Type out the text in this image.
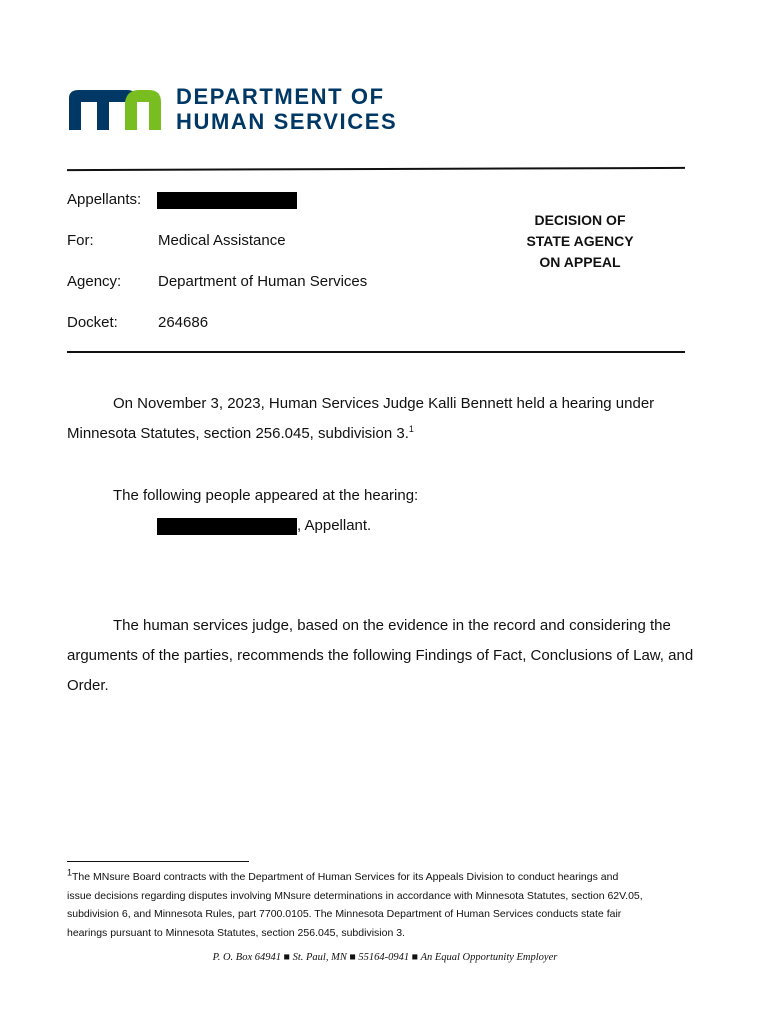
DEPARTMENT OF
HUMAN SERVICES
Appellants:
For:	Medical Assistance
Agency: Department of Human Services
Docket:	264686
DECISION OF
STATE AGENCY
ON APPEAL
On November 3, 2023, Human Services Judge Kalli Bennett held a hearing under
Minnesota Statutes, section 256.045, subdivision 3.$^1$
The following people appeared at the hearing:
, Appellant.
The human services judge, based on the evidence in the record and considering the
arguments of the parties, recommends the following Findings of Fact, Conclusions of Law, and
Order.
$^1$The MNsure Board contracts with the Department of Human Services for its Appeals Division to conduct hearings and
issue decisions regarding disputes involving MNsure determinations in accordance with Minnesota Statutes, section 62V.05,
subdivision 6, and Minnesota Rules, part 7700.0105. The Minnesota Department of Human Services conducts state fair
hearings pursuant to Minnesota Statutes, section 256.045, subdivision 3.
P. O. Box 64941 ■ St. Paul, MN ■ 55164-0941 ■ An Equal Opportunity Employer
